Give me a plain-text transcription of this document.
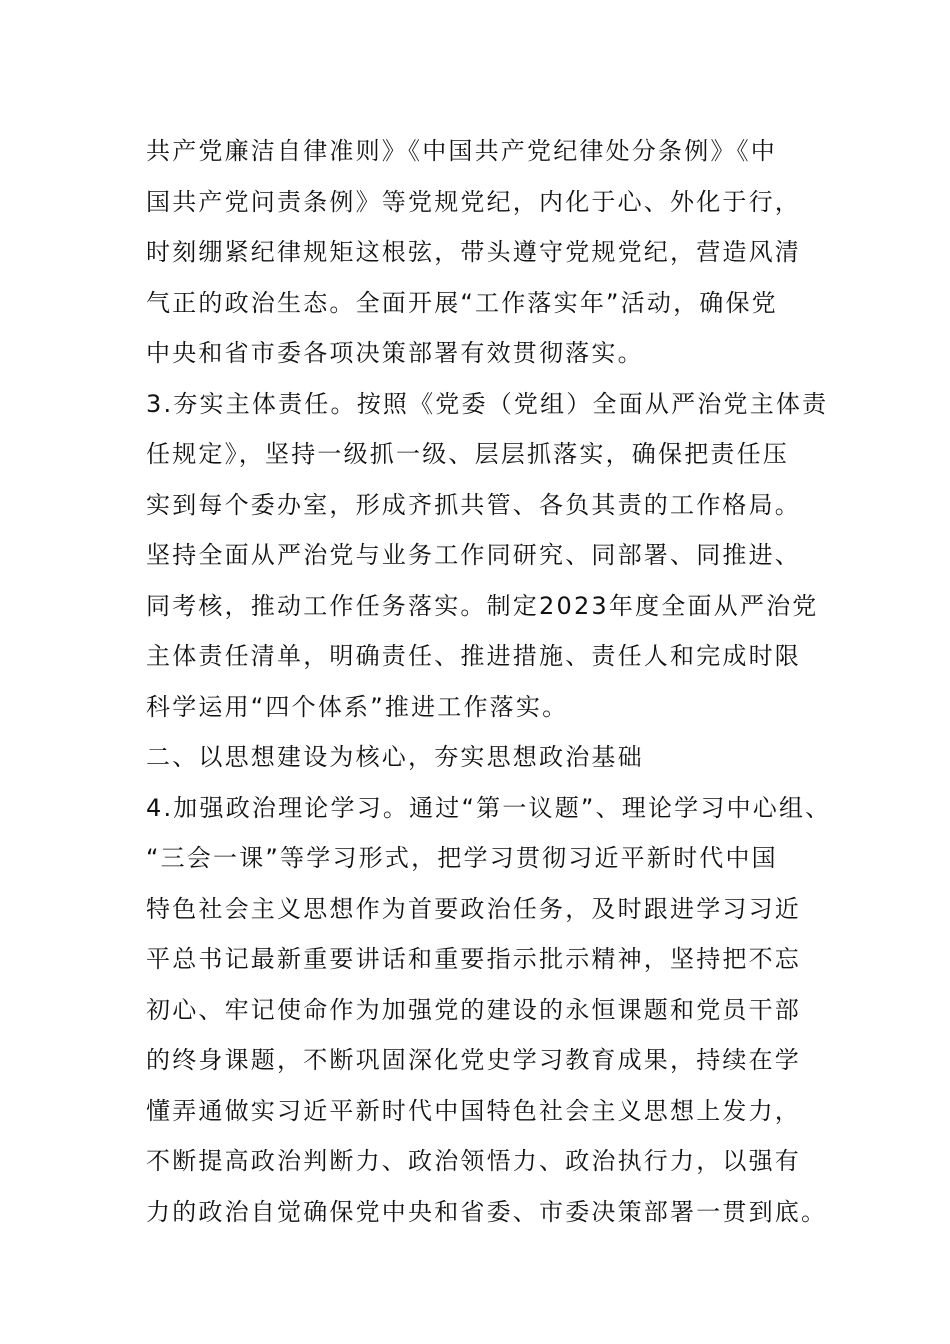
共产党廉洁自律准则》《中国共产党纪律处分条例》《中
国共产党问责条例》等党规党纪，内化于心、外化于行，
时刻绷紧纪律规矩这根弦，带头遵守党规党纪，营造风清
气正的政治生态。全面开展“工作落实年”活动，确保党
中央和省市委各项决策部署有效贯彻落实。
3.夯实主体责任。按照《党委（党组）全面从严治党主体责
任规定》，坚持一级抓一级、层层抓落实，确保把责任压
实到每个委办室，形成齐抓共管、各负其责的工作格局。
坚持全面从严治党与业务工作同研究、同部署、同推进、
同考核，推动工作任务落实。制定2023年度全面从严治党
主体责任清单，明确责任、推进措施、责任人和完成时限
科学运用“四个体系”推进工作落实。
二、以思想建设为核心，夯实思想政治基础
4.加强政治理论学习。通过“第一议题”、理论学习中心组、
“三会一课”等学习形式，把学习贯彻习近平新时代中国
特色社会主义思想作为首要政治任务，及时跟进学习习近
平总书记最新重要讲话和重要指示批示精神，坚持把不忘
初心、牢记使命作为加强党的建设的永恒课题和党员干部
的终身课题，不断巩固深化党史学习教育成果，持续在学
懂弄通做实习近平新时代中国特色社会主义思想上发力，
不断提高政治判断力、政治领悟力、政治执行力，以强有
力的政治自觉确保党中央和省委、市委决策部署一贯到底。
